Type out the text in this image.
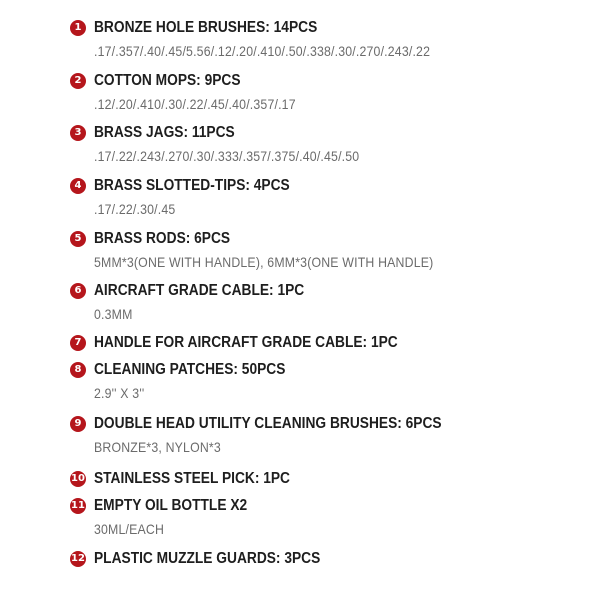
1 BRONZE HOLE BRUSHES: 14PCS
.17/.357/.40/.45/5.56/.12/.20/.410/.50/.338/.30/.270/.243/.22
2 COTTON MOPS: 9PCS
.12/.20/.410/.30/.22/.45/.40/.357/.17
3 BRASS JAGS: 11PCS
.17/.22/.243/.270/.30/.333/.357/.375/.40/.45/.50
4 BRASS SLOTTED-TIPS: 4PCS
.17/.22/.30/.45
5 BRASS RODS: 6PCS
5MM*3(ONE WITH HANDLE), 6MM*3(ONE WITH HANDLE)
6 AIRCRAFT GRADE CABLE: 1PC
0.3MM
7 HANDLE FOR AIRCRAFT GRADE CABLE: 1PC
8 CLEANING PATCHES: 50PCS
2.9'' X 3''
9 DOUBLE HEAD UTILITY CLEANING BRUSHES: 6PCS
BRONZE*3, NYLON*3
10 STAINLESS STEEL PICK: 1PC
11 EMPTY OIL BOTTLE X2
30ML/EACH
12 PLASTIC MUZZLE GUARDS: 3PCS
